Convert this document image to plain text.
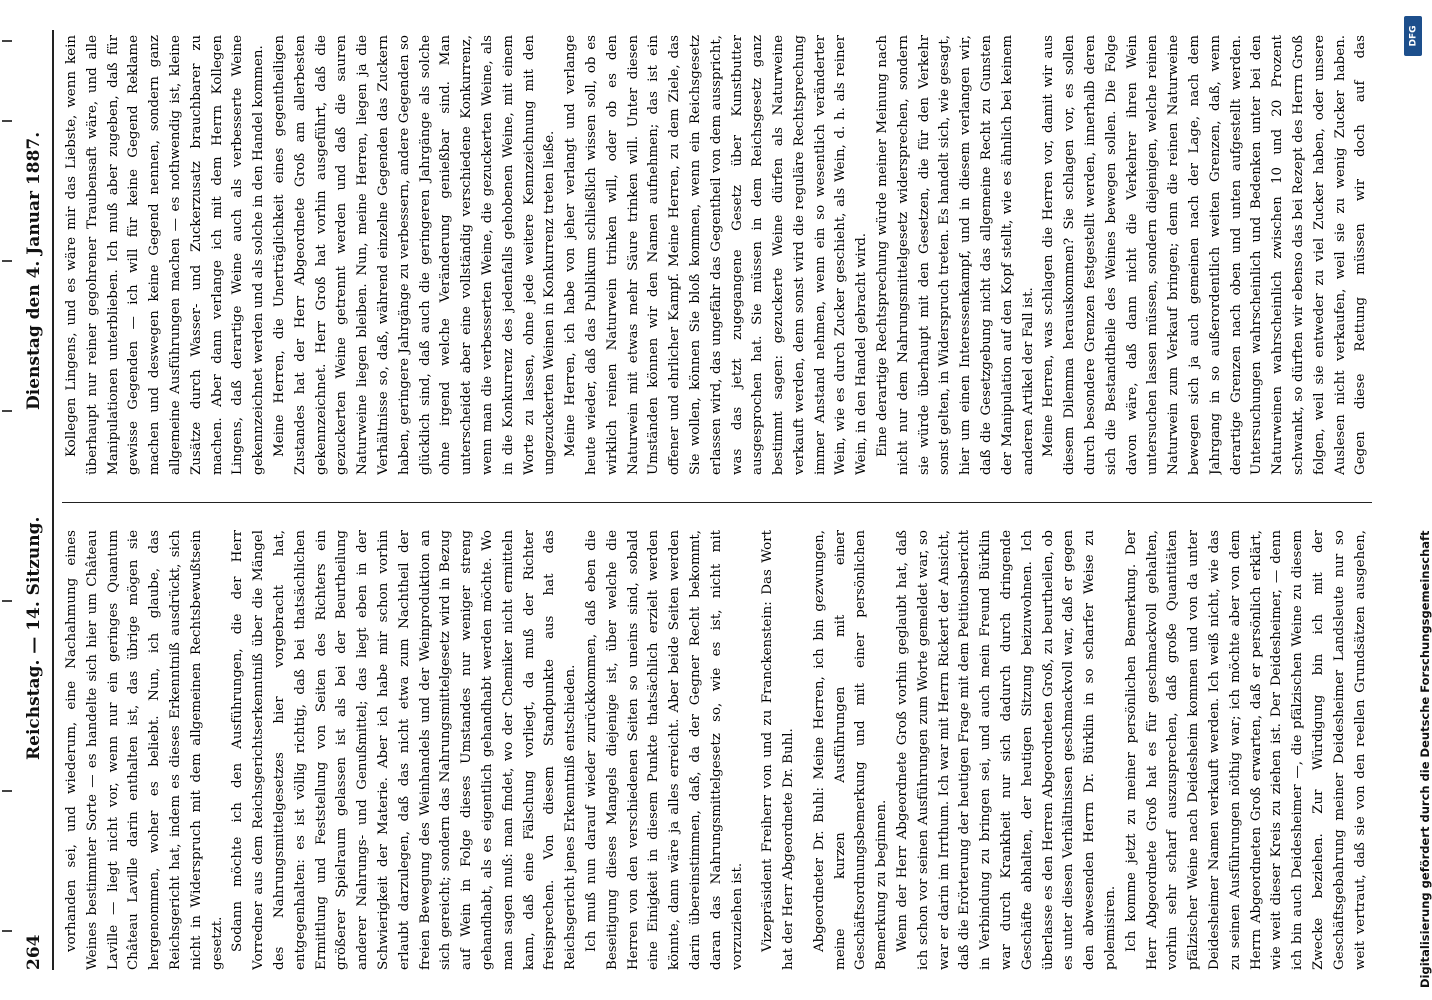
264
Reichstag. — 14. Sitzung.
Dienstag den 4. Januar 1887.

vorhanden sei, und wiederum, eine Nachahmung eines Weines bestimmter Sorte — es handelte sich hier um Château Laville — liegt nicht vor, wenn nur ein geringes Quantum Château Laville darin enthalten ist, das übrige mögen sie hergenommen, woher es beliebt. Nun, ich glaube, das Reichsgericht hat, indem es dieses Erkenntniß ausdrückt, sich nicht in Widerspruch mit dem allgemeinen Rechtsbewußtsein gesetzt. Sodann möchte ich den Ausführungen, die der Herr Vorredner aus dem Reichsgerichtserkenntniß über die Mängel des Nahrungsmittelgesetzes hier vorgebracht hat, entgegenhalten: es ist völlig richtig, daß bei thatsächlichen Ermittlung und Feststellung von Seiten des Richters ein größerer Spielraum gelassen ist als bei der Beurtheilung anderer Nahrungs- und Genußmittel; das liegt eben in der Schwierigkeit der Materie. Aber ich habe mir schon vorhin erlaubt darzulegen, daß das nicht etwa zum Nachtheil der freien Bewegung des Weinhandels und der Weinproduktion an sich gereicht; sondern das Nahrungsmittelgesetz wird in Bezug auf Wein in Folge dieses Umstandes nur weniger streng gehandhabt, als es eigentlich gehandhabt werden möchte. Wo man sagen muß: man findet, wo der Chemiker nicht ermitteln kann, daß eine Fälschung vorliegt, da muß der Richter freisprechen. Von diesem Standpunkte aus hat das Reichsgericht jenes Erkenntniß entschieden. Ich muß nun darauf wieder zurückkommen, daß eben die Beseitigung dieses Mangels diejenige ist, über welche die Herren von den verschiedenen Seiten so uneins sind, sobald eine Einigkeit in diesem Punkte thatsächlich erzielt werden könnte, dann wäre ja alles erreicht. Aber beide Seiten werden darin übereinstimmen, daß, da der Gegner Recht bekommt, daran das Nahrungsmittelgesetz so, wie es ist, nicht mit vorzuziehen ist. Vizepräsident Freiherr von und zu Franckenstein: Das Wort hat der Herr Abgeordnete Dr. Buhl. Abgeordneter Dr. Buhl: Meine Herren, ich bin gezwungen, meine kurzen Ausführungen mit einer Geschäftsordnungsbemerkung und mit einer persönlichen Bemerkung zu beginnen. Wenn der Herr Abgeordnete Groß vorhin geglaubt hat, daß ich schon vor seinen Ausführungen zum Worte gemeldet war, so war er darin im Irrthum. Ich war mit Herrn Rickert der Ansicht, daß die Erörterung der heutigen Frage mit dem Petitionsbericht in Verbindung zu bringen sei, und auch mein Freund Bürklin war durch Krankheit nur sich dadurch durch dringende Geschäfte abhalten, der heutigen Sitzung beizuwohnen. Ich überlasse es den Herren Abgeordneten Groß, zu beurtheilen, ob es unter diesen Verhältnissen geschmackvoll war, daß er gegen den abwesenden Herrn Dr. Bürklin in so scharfer Weise zu polemisiren. Ich komme jetzt zu meiner persönlichen Bemerkung. Der Herr Abgeordnete Groß hat es für geschmackvoll gehalten, vorhin sehr scharf auszusprechen, daß große Quantitäten pfälzischer Weine nach Deidesheim kommen und von da unter Deidesheimer Namen verkauft werden. Ich weiß nicht, wie das zu seinen Ausführungen nöthig war; ich möchte aber von dem Herrn Abgeordneten Groß erwarten, daß er persönlich erklärt, wie weit dieser Kreis zu ziehen ist. Der Deidesheimer, — denn ich bin auch Deidesheimer —, die pfälzischen Weine zu diesem Zwecke beziehen. Zur Würdigung bin ich mit der Geschäftsgebahrung meiner Deidesheimer Landsleute nur so weit vertraut, daß sie von den reellen Grundsätzen ausgehen,

Kollegen Lingens, und es wäre mir das Liebste, wenn kein überhaupt nur reiner gegohrener Traubensaft wäre, und alle Manipulationen unterblieben. Ich muß aber zugeben, daß für gewisse Gegenden — ich will für keine Gegend Reklame machen und deswegen keine Gegend nennen, sondern ganz allgemeine Ausführungen machen — es nothwendig ist, kleine Zusätze durch Wasser- und Zuckerzusatz brauchbarer zu machen. Aber dann verlange ich mit dem Herrn Kollegen Lingens, daß derartige Weine auch als verbesserte Weine gekennzeichnet werden und als solche in den Handel kommen. Meine Herren, die Unerträglichkeit eines gegentheiligen Zustandes hat der Herr Abgeordnete Groß am allerbesten gekennzeichnet. Herr Groß hat vorhin ausgeführt, daß die gezuckerten Weine getrennt werden und daß die sauren Naturweine liegen bleiben. Nun, meine Herren, liegen ja die Verhältnisse so, daß, während einzelne Gegenden das Zuckern haben, geringere Jahrgänge zu verbessern, andere Gegenden so glücklich sind, daß auch die geringeren Jahrgänge als solche ohne irgend welche Veränderung genießbar sind. Man unterscheidet aber eine vollständig verschiedene Konkurrenz, wenn man die verbesserten Weine, die gezuckerten Weine, als in die Konkurrenz des jedenfalls gehobenen Weine, mit einem Worte zu lassen, ohne jede weitere Kennzeichnung mit den ungezuckerten Weinen in Konkurrenz treten ließe. Meine Herren, ich habe von jeher verlangt und verlange heute wieder, daß das Publikum schließlich wissen soll, ob es wirklich reinen Naturwein trinken will, oder ob es den Naturwein mit etwas mehr Säure trinken will. Unter diesen Umständen können wir den Namen aufnehmen; das ist ein offener und ehrlicher Kampf. Meine Herren, zu dem Ziele, das Sie wollen, können Sie bloß kommen, wenn ein Reichsgesetz erlassen wird, das ungefähr das Gegentheil von dem ausspricht, was das jetzt zugegangene Gesetz über Kunstbutter ausgesprochen hat. Sie müssen in dem Reichsgesetz ganz bestimmt sagen: gezuckerte Weine dürfen als Naturweine verkauft werden, denn sonst wird die reguläre Rechtsprechung immer Anstand nehmen, wenn ein so wesentlich veränderter Wein, wie es durch Zucker geschieht, als Wein, d. h. als reiner Wein, in den Handel gebracht wird. Eine derartige Rechtsprechung würde meiner Meinung nach nicht nur dem Nahrungsmittelgesetz widersprechen, sondern sie würde überhaupt mit den Gesetzen, die für den Verkehr sonst gelten, in Widerspruch treten. Es handelt sich, wie gesagt, hier um einen Interessenkampf, und in diesem verlangen wir, daß die Gesetzgebung nicht das allgemeine Recht zu Gunsten der Manipulation auf den Kopf stellt, wie es ähnlich bei keinem anderen Artikel der Fall ist. Meine Herren, was schlagen die Herren vor, damit wir aus diesem Dilemma herauskommen? Sie schlagen vor, es sollen durch besondere Grenzen festgestellt werden, innerhalb deren sich die Bestandtheile des Weines bewegen sollen. Die Folge davon wäre, daß dann nicht die Verkehrer ihren Wein untersuchen lassen müssen, sondern diejenigen, welche reinen Naturwein zum Verkauf bringen; denn die reinen Naturweine bewegen sich ja auch gemeinen nach der Lage, nach dem Jahrgang in so außerordentlich weiten Grenzen, daß, wenn derartige Grenzen nach oben und unten aufgestellt werden. Untersuchungen wahrscheinlich und Bedenken unter bei den Naturweinen wahrscheinlich zwischen 10 und 20 Prozent schwankt, so dürften wir ebenso das bei Rezept des Herrn Groß folgen, weil sie entweder zu viel Zucker haben, oder unsere Auslesen nicht verkaufen, weil sie zu wenig Zucker haben. Gegen diese Rettung müssen wir doch auf das

Digitalisierung gefördert durch die Deutsche Forschungsgemeinschaft
DFG
